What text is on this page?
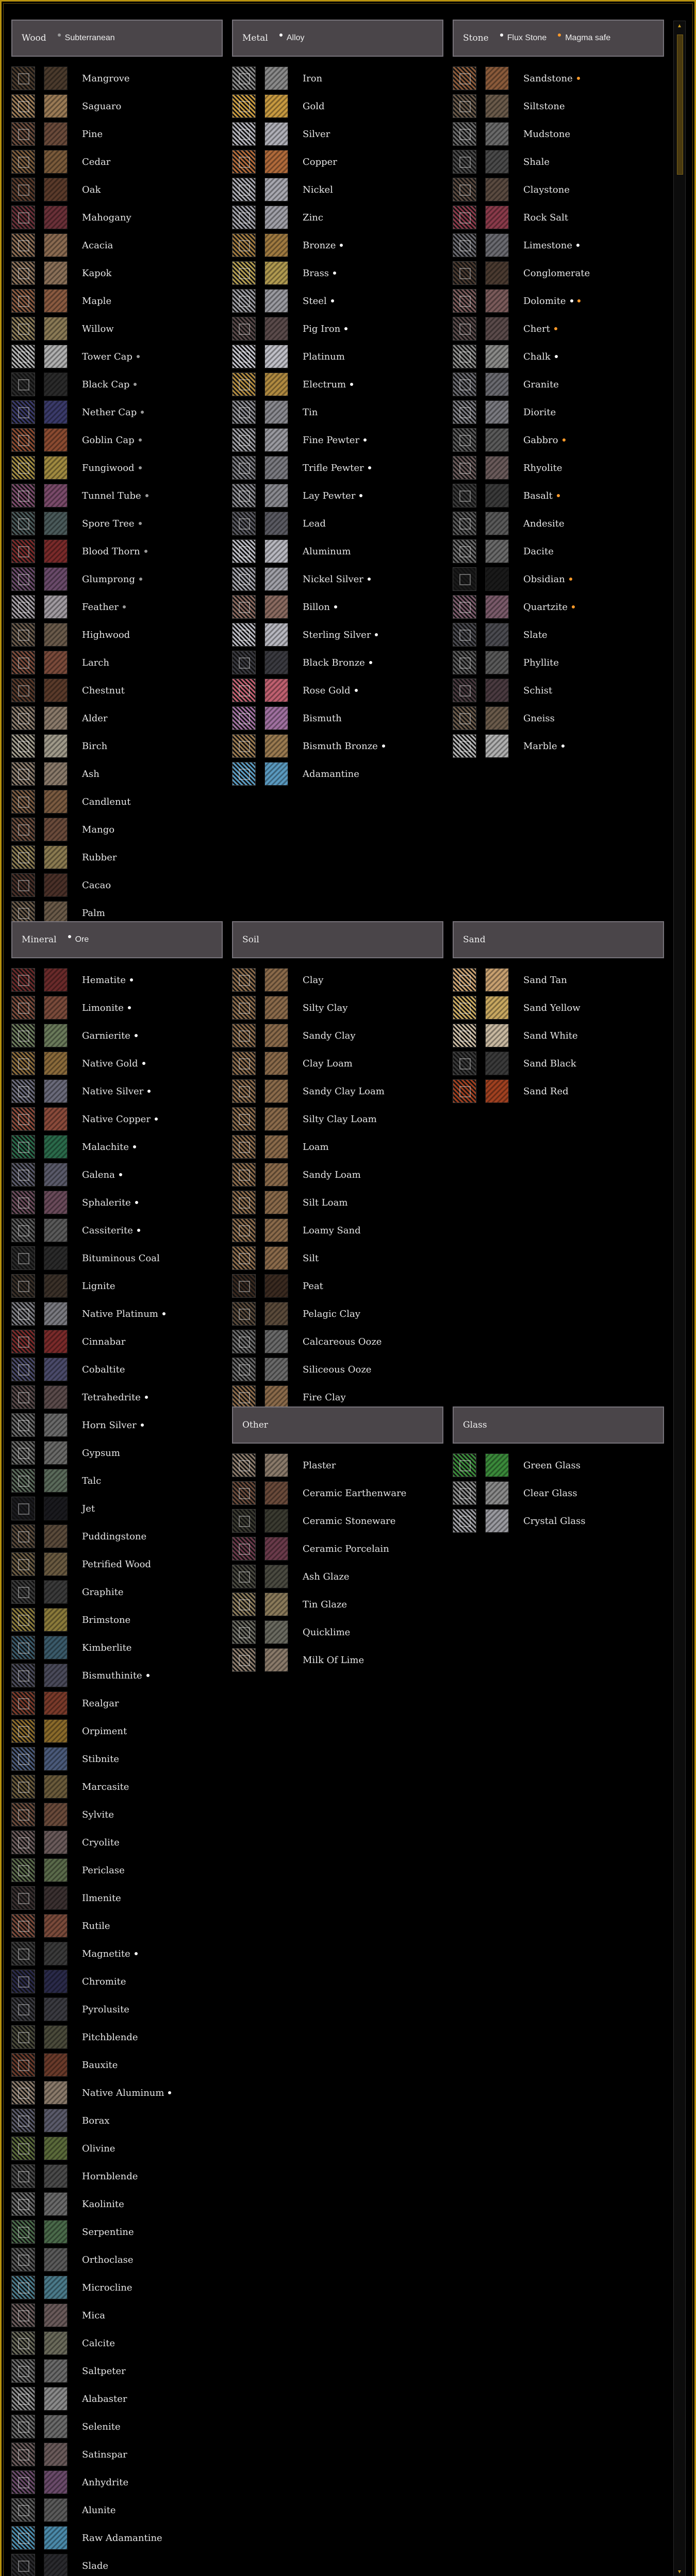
Wood Subterranean
Mangrove
Saguaro
Pine
Cedar
Oak
Mahogany
Acacia
Kapok
Maple
Willow
Tower Cap
Black Cap
Nether Cap
Goblin Cap
Fungiwood
Tunnel Tube
Spore Tree
Blood Thorn
Glumprong
Feather
Highwood
Larch
Chestnut
Alder
Birch
Ash
Candlenut
Mango
Rubber
Cacao
Palm
Metal Alloy
Iron
Gold
Silver
Copper
Nickel
Zinc
Bronze
Brass
Steel
Pig Iron
Platinum
Electrum
Tin
Fine Pewter
Trifle Pewter
Lay Pewter
Lead
Aluminum
Nickel Silver
Billon
Sterling Silver
Black Bronze
Rose Gold
Bismuth
Bismuth Bronze
Adamantine
Stone Flux Stone Magma safe
Sandstone
Siltstone
Mudstone
Shale
Claystone
Rock Salt
Limestone
Conglomerate
Dolomite
Chert
Chalk
Granite
Diorite
Gabbro
Rhyolite
Basalt
Andesite
Dacite
Obsidian
Quartzite
Slate
Phyllite
Schist
Gneiss
Marble
Mineral Ore
Hematite
Limonite
Garnierite
Native Gold
Native Silver
Native Copper
Malachite
Galena
Sphalerite
Cassiterite
Bituminous Coal
Lignite
Native Platinum
Cinnabar
Cobaltite
Tetrahedrite
Horn Silver
Gypsum
Talc
Jet
Puddingstone
Petrified Wood
Graphite
Brimstone
Kimberlite
Bismuthinite
Realgar
Orpiment
Stibnite
Marcasite
Sylvite
Cryolite
Periclase
Ilmenite
Rutile
Magnetite
Chromite
Pyrolusite
Pitchblende
Bauxite
Native Aluminum
Borax
Olivine
Hornblende
Kaolinite
Serpentine
Orthoclase
Microcline
Mica
Calcite
Saltpeter
Alabaster
Selenite
Satinspar
Anhydrite
Alunite
Raw Adamantine
Slade
Soil
Clay
Silty Clay
Sandy Clay
Clay Loam
Sandy Clay Loam
Silty Clay Loam
Loam
Sandy Loam
Silt Loam
Loamy Sand
Silt
Peat
Pelagic Clay
Calcareous Ooze
Siliceous Ooze
Fire Clay
Sand
Sand Tan
Sand Yellow
Sand White
Sand Black
Sand Red
Other
Plaster
Ceramic Earthenware
Ceramic Stoneware
Ceramic Porcelain
Ash Glaze
Tin Glaze
Quicklime
Milk Of Lime
Glass
Green Glass
Clear Glass
Crystal Glass
